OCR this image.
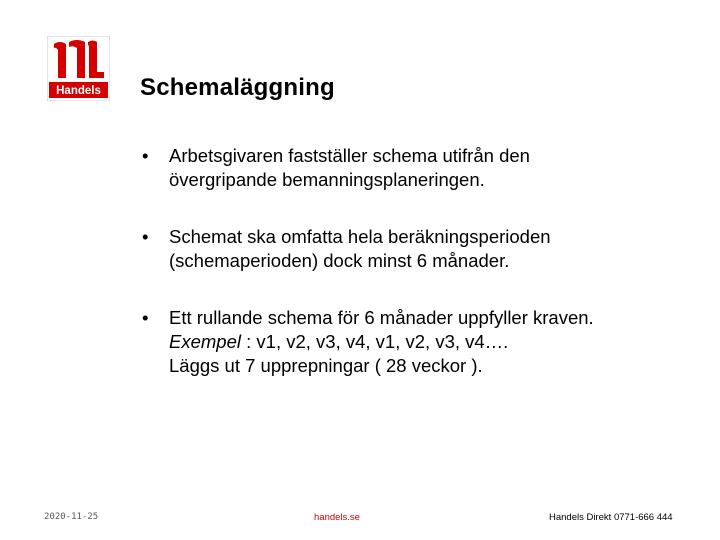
Handels Schemaläggning
• Arbetsgivaren fastställer schema utifrån den
övergripande bemanningsplaneringen.
• Schemat ska omfatta hela beräkningsperioden
(schemaperioden) dock minst 6 månader.
• Ett rullande schema för 6 månader uppfyller kraven.
Exempel : v1, v2, v3, v4, v1, v2, v3, v4….
Läggs ut 7 upprepningar ( 28 veckor ).
2020-11-25	handels.se	Handels Direkt 0771-666 444
